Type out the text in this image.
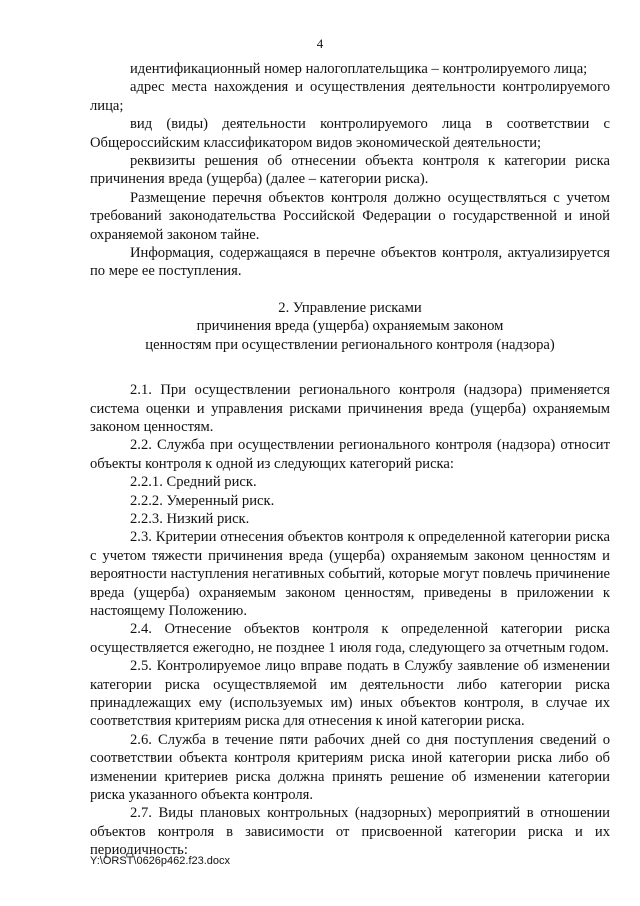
4

идентификационный номер налогоплательщика – контролируемого лица;

адрес места нахождения и осуществления деятельности контролируемого лица;

вид (виды) деятельности контролируемого лица в соответствии с Общероссийским классификатором видов экономической деятельности;

реквизиты решения об отнесении объекта контроля к категории риска причинения вреда (ущерба) (далее – категории риска).

Размещение перечня объектов контроля должно осуществляться с учетом требований законодательства Российской Федерации о государственной и иной охраняемой законом тайне.

Информация, содержащаяся в перечне объектов контроля, актуализируется по мере ее поступления.

2. Управление рисками

причинения вреда (ущерба) охраняемым законом

ценностям при осуществлении регионального контроля (надзора)

2.1. При осуществлении регионального контроля (надзора) применяется система оценки и управления рисками причинения вреда (ущерба) охраняемым законом ценностям.

2.2. Служба при осуществлении регионального контроля (надзора) относит объекты контроля к одной из следующих категорий риска:

2.2.1. Средний риск.

2.2.2. Умеренный риск.

2.2.3. Низкий риск.

2.3. Критерии отнесения объектов контроля к определенной категории риска с учетом тяжести причинения вреда (ущерба) охраняемым законом ценностям и вероятности наступления негативных событий, которые могут повлечь причинение вреда (ущерба) охраняемым законом ценностям, приведены в приложении к настоящему Положению.

2.4. Отнесение объектов контроля к определенной категории риска осуществляется ежегодно, не позднее 1 июля года, следующего за отчетным годом.

2.5. Контролируемое лицо вправе подать в Службу заявление об изменении категории риска осуществляемой им деятельности либо категории риска принадлежащих ему (используемых им) иных объектов контроля, в случае их соответствия критериям риска для отнесения к иной категории риска.

2.6. Служба в течение пяти рабочих дней со дня поступления сведений о соответствии объекта контроля критериям риска иной категории риска либо об изменении критериев риска должна принять решение об изменении категории риска указанного объекта контроля.

2.7. Виды плановых контрольных (надзорных) мероприятий в отношении объектов контроля в зависимости от присвоенной категории риска и их периодичность:

Y:\ORST\0626p462.f23.docx
